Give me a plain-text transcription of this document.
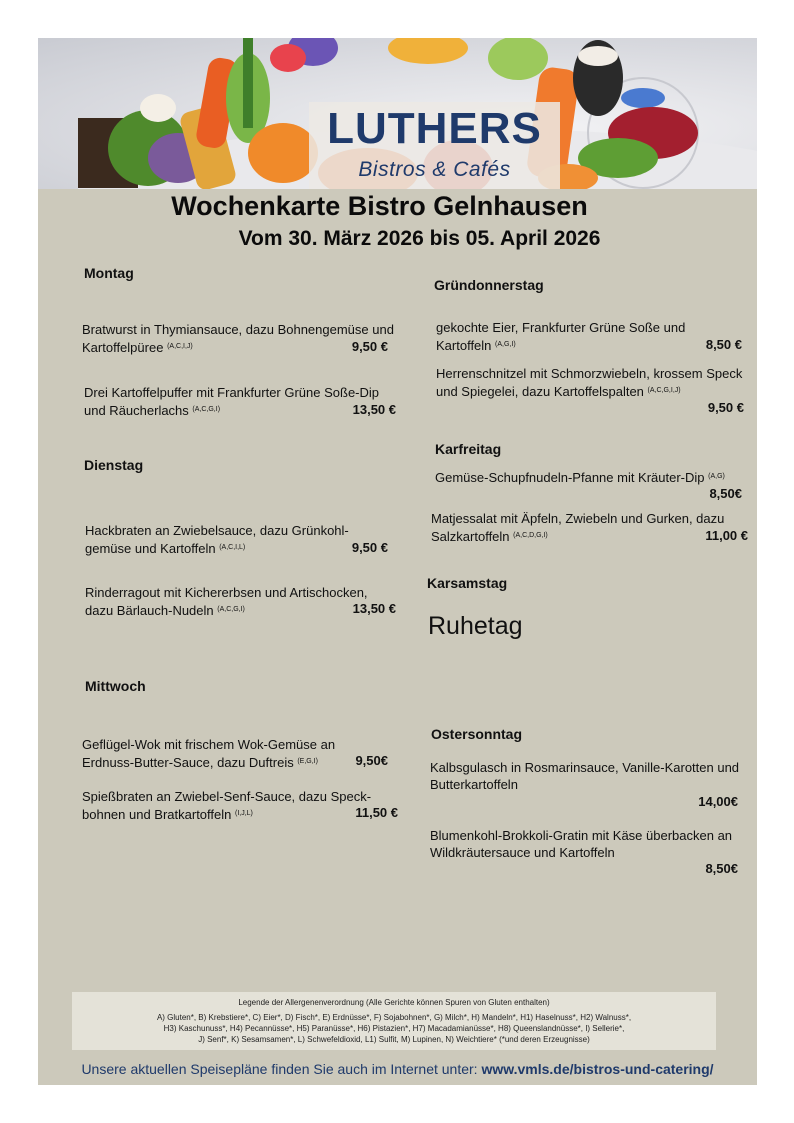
LUTHERS
Bistros & Cafés
Wochenkarte Bistro Gelnhausen
Vom 30. März 2026 bis 05. April 2026
Montag
Bratwurst in Thymiansauce, dazu Bohnengemüse und Kartoffelpüree $^{(A,C,I,J)}$	9,50 €
Drei Kartoffelpuffer mit Frankfurter Grüne Soße-Dip und Räucherlachs $^{(A,C,G,I)}$	13,50 €
Dienstag
Hackbraten an Zwiebelsauce, dazu Grünkohl-gemüse und Kartoffeln $^{(A,C,I,L)}$	9,50 €
Rinderragout mit Kichererbsen und Artischocken, dazu Bärlauch-Nudeln $^{(A,C,G,I)}$	13,50 €
Mittwoch
Geflügel-Wok mit frischem Wok-Gemüse an Erdnuss-Butter-Sauce, dazu Duftreis $^{(E,G,I)}$	9,50€
Spießbraten an Zwiebel-Senf-Sauce, dazu Speck-bohnen und Bratkartoffeln $^{(I,J,L)}$	11,50 €
Gründonnerstag
gekochte Eier, Frankfurter Grüne Soße und Kartoffeln $^{(A,G,I)}$	8,50 €
Herrenschnitzel mit Schmorzwiebeln, krossem Speck und Spiegelei, dazu Kartoffelspalten $^{(A,C,G,I,J)}$
9,50 €
Karfreitag
Gemüse-Schupfnudeln-Pfanne mit Kräuter-Dip $^{(A,G)}$
8,50€
Matjessalat mit Äpfeln, Zwiebeln und Gurken, dazu Salzkartoffeln $^{(A,C,D,G,I)}$	11,00 €
Karsamstag
Ruhetag
Ostersonntag
Kalbsgulasch in Rosmarinsauce, Vanille-Karotten und Butterkartoffeln
14,00€
Blumenkohl-Brokkoli-Gratin mit Käse überbacken an Wildkräutersauce und Kartoffeln
8,50€
Legende der Allergenenverordnung (Alle Gerichte können Spuren von Gluten enthalten)
A) Gluten*, B) Krebstiere*, C) Eier*, D) Fisch*, E) Erdnüsse*, F) Sojabohnen*, G) Milch*, H) Mandeln*, H1) Haselnuss*, H2) Walnuss*,
H3) Kaschunuss*, H4) Pecannüsse*, H5) Paranüsse*, H6) Pistazien*, H7) Macadamianüsse*, H8) Queenslandnüsse*, I) Sellerie*,
J) Senf*, K) Sesamsamen*, L) Schwefeldioxid, L1) Sulfit, M) Lupinen, N) Weichtiere* (*und deren Erzeugnisse)
Unsere aktuellen Speisepläne finden Sie auch im Internet unter: www.vmls.de/bistros-und-catering/
